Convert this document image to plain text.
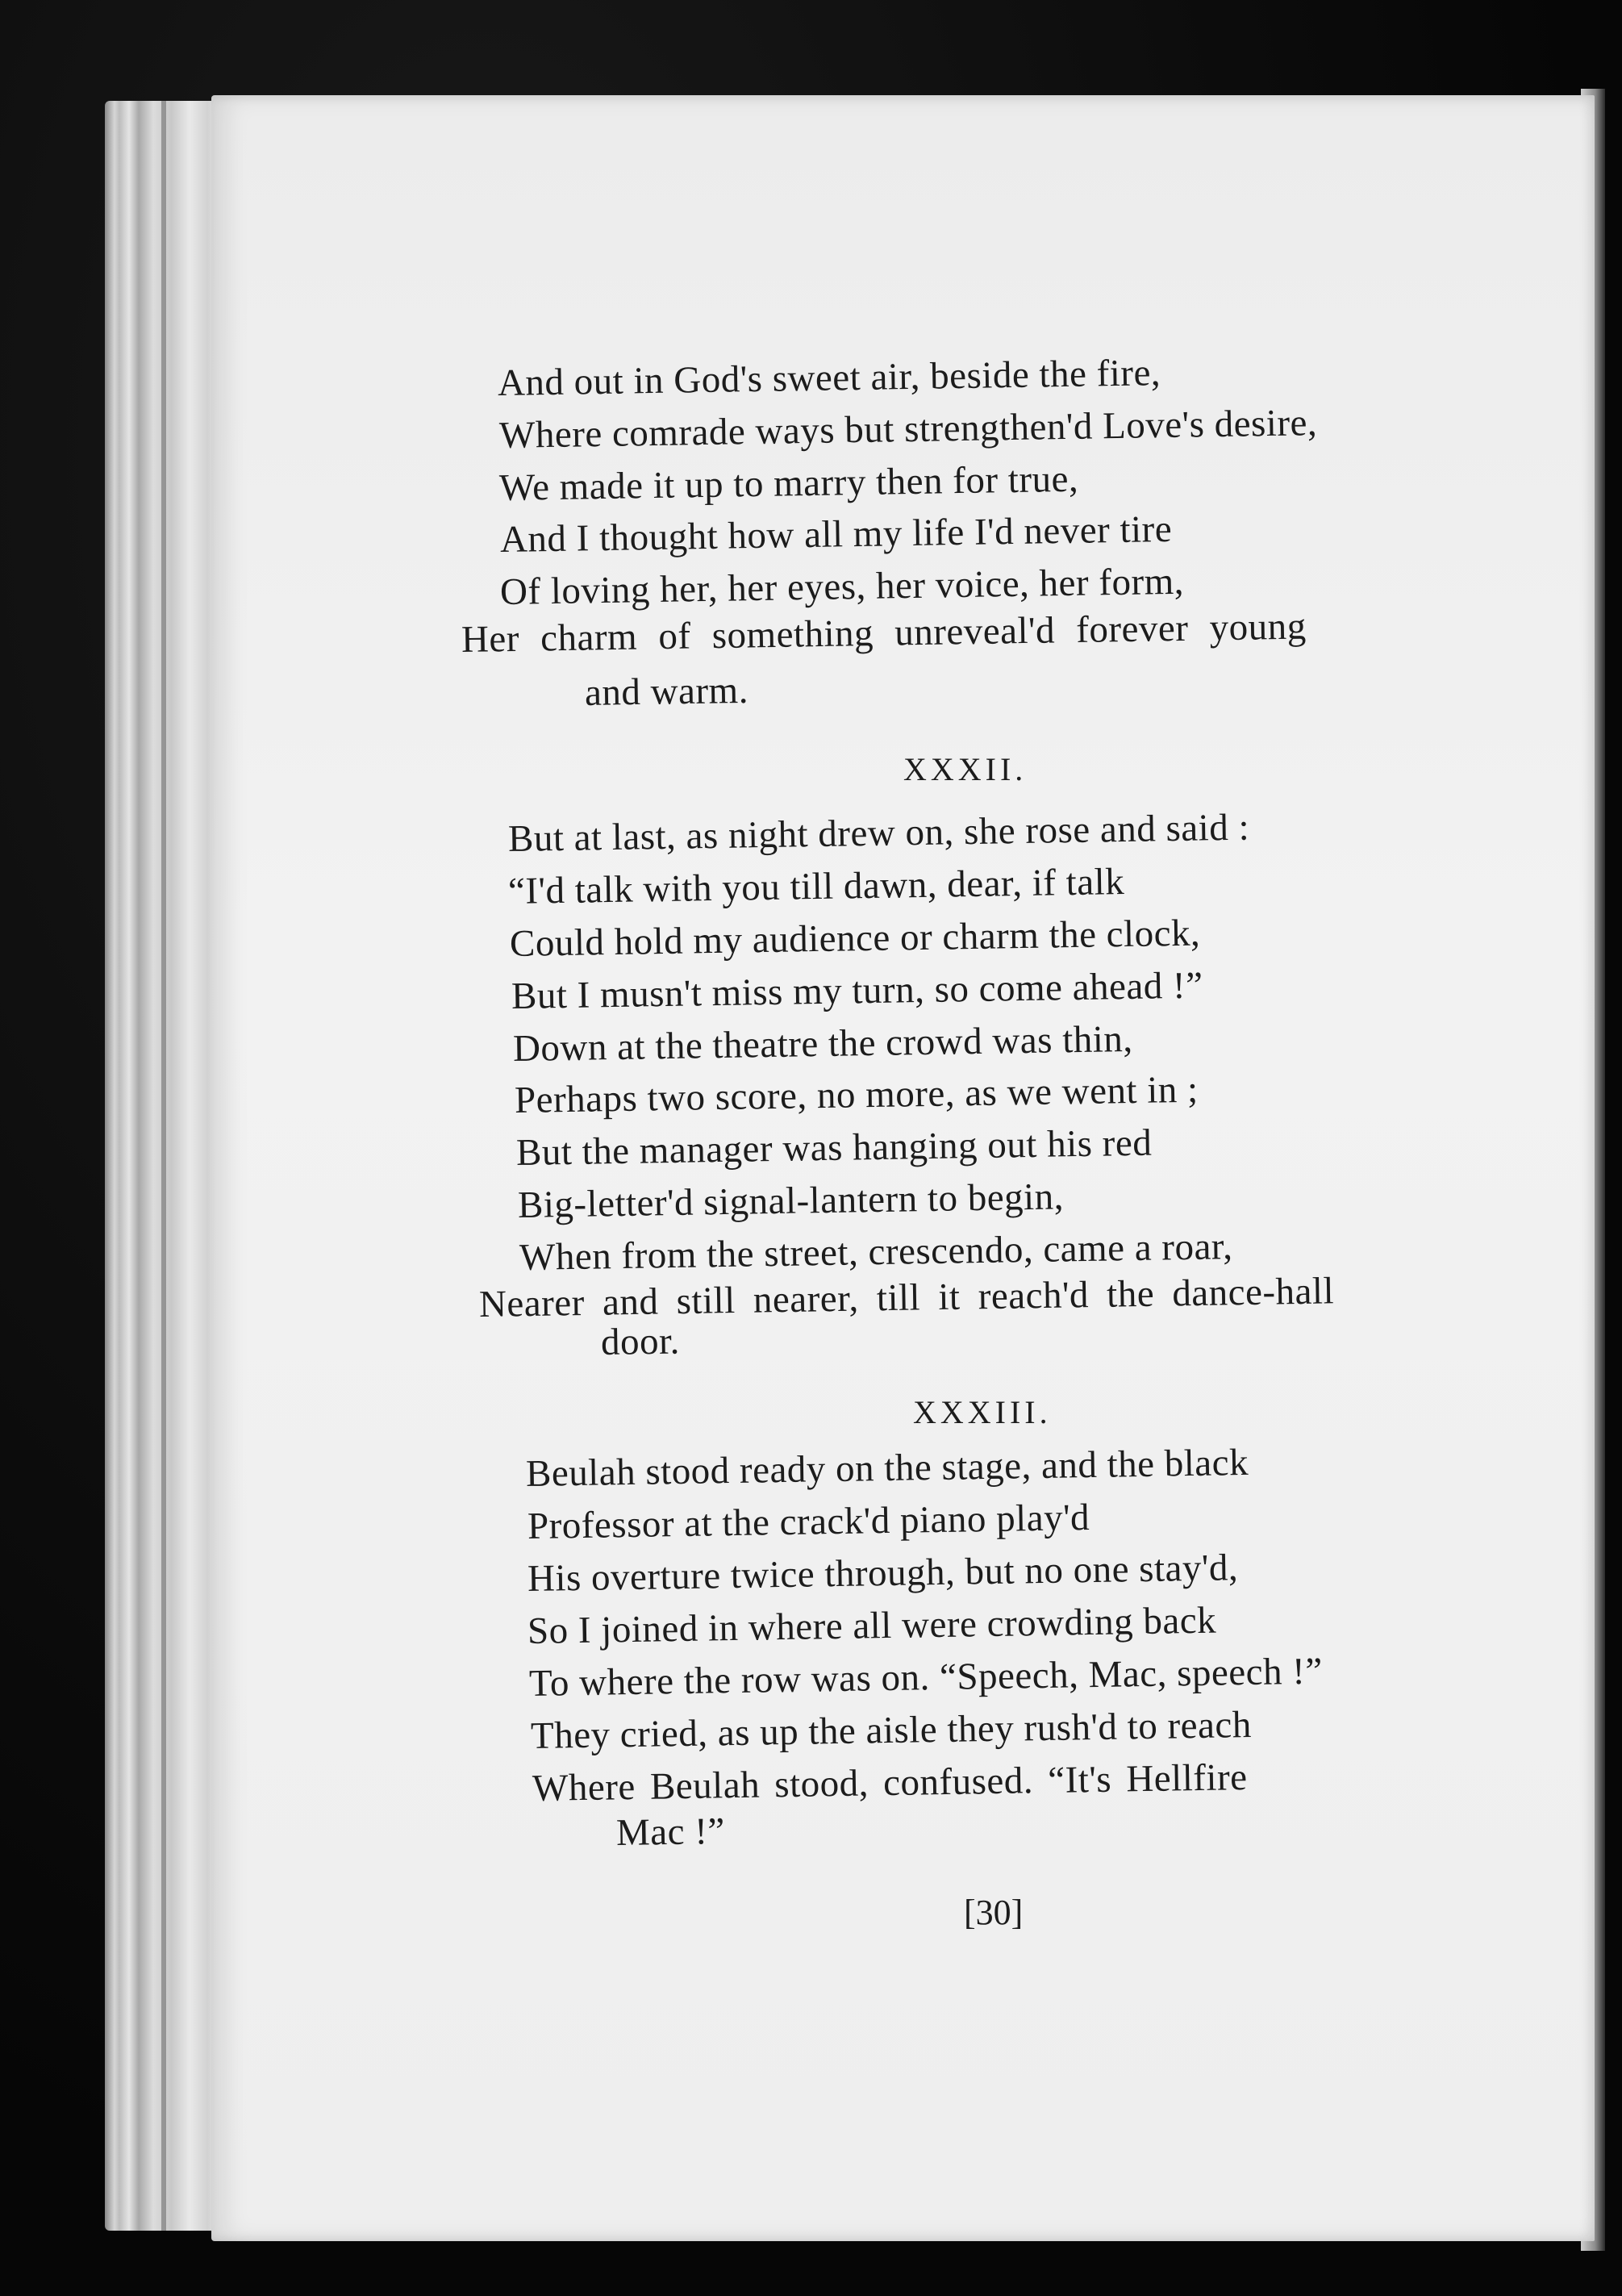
And out in God's sweet air, beside the fire,
Where comrade ways but strengthen'd Love's desire,
We made it up to marry then for true,
And I thought how all my life I'd never tire
Of loving her, her eyes, her voice, her form,
Her charm of something unreveal'd forever young
and warm.
XXXII.
But at last, as night drew on, she rose and said :
“I'd talk with you till dawn, dear, if talk
Could hold my audience or charm the clock,
But I musn't miss my turn, so come ahead !”
Down at the theatre the crowd was thin,
Perhaps two score, no more, as we went in ;
But the manager was hanging out his red
Big-letter'd signal-lantern to begin,
When from the street, crescendo, came a roar,
Nearer and still nearer, till it reach'd the dance-hall
door.
XXXIII.
Beulah stood ready on the stage, and the black
Professor at the crack'd piano play'd
His overture twice through, but no one stay'd,
So I joined in where all were crowding back
To where the row was on. “Speech, Mac, speech !”
They cried, as up the aisle they rush'd to reach
Where Beulah stood, confused. “It's Hellfire
Mac !”
[30]
